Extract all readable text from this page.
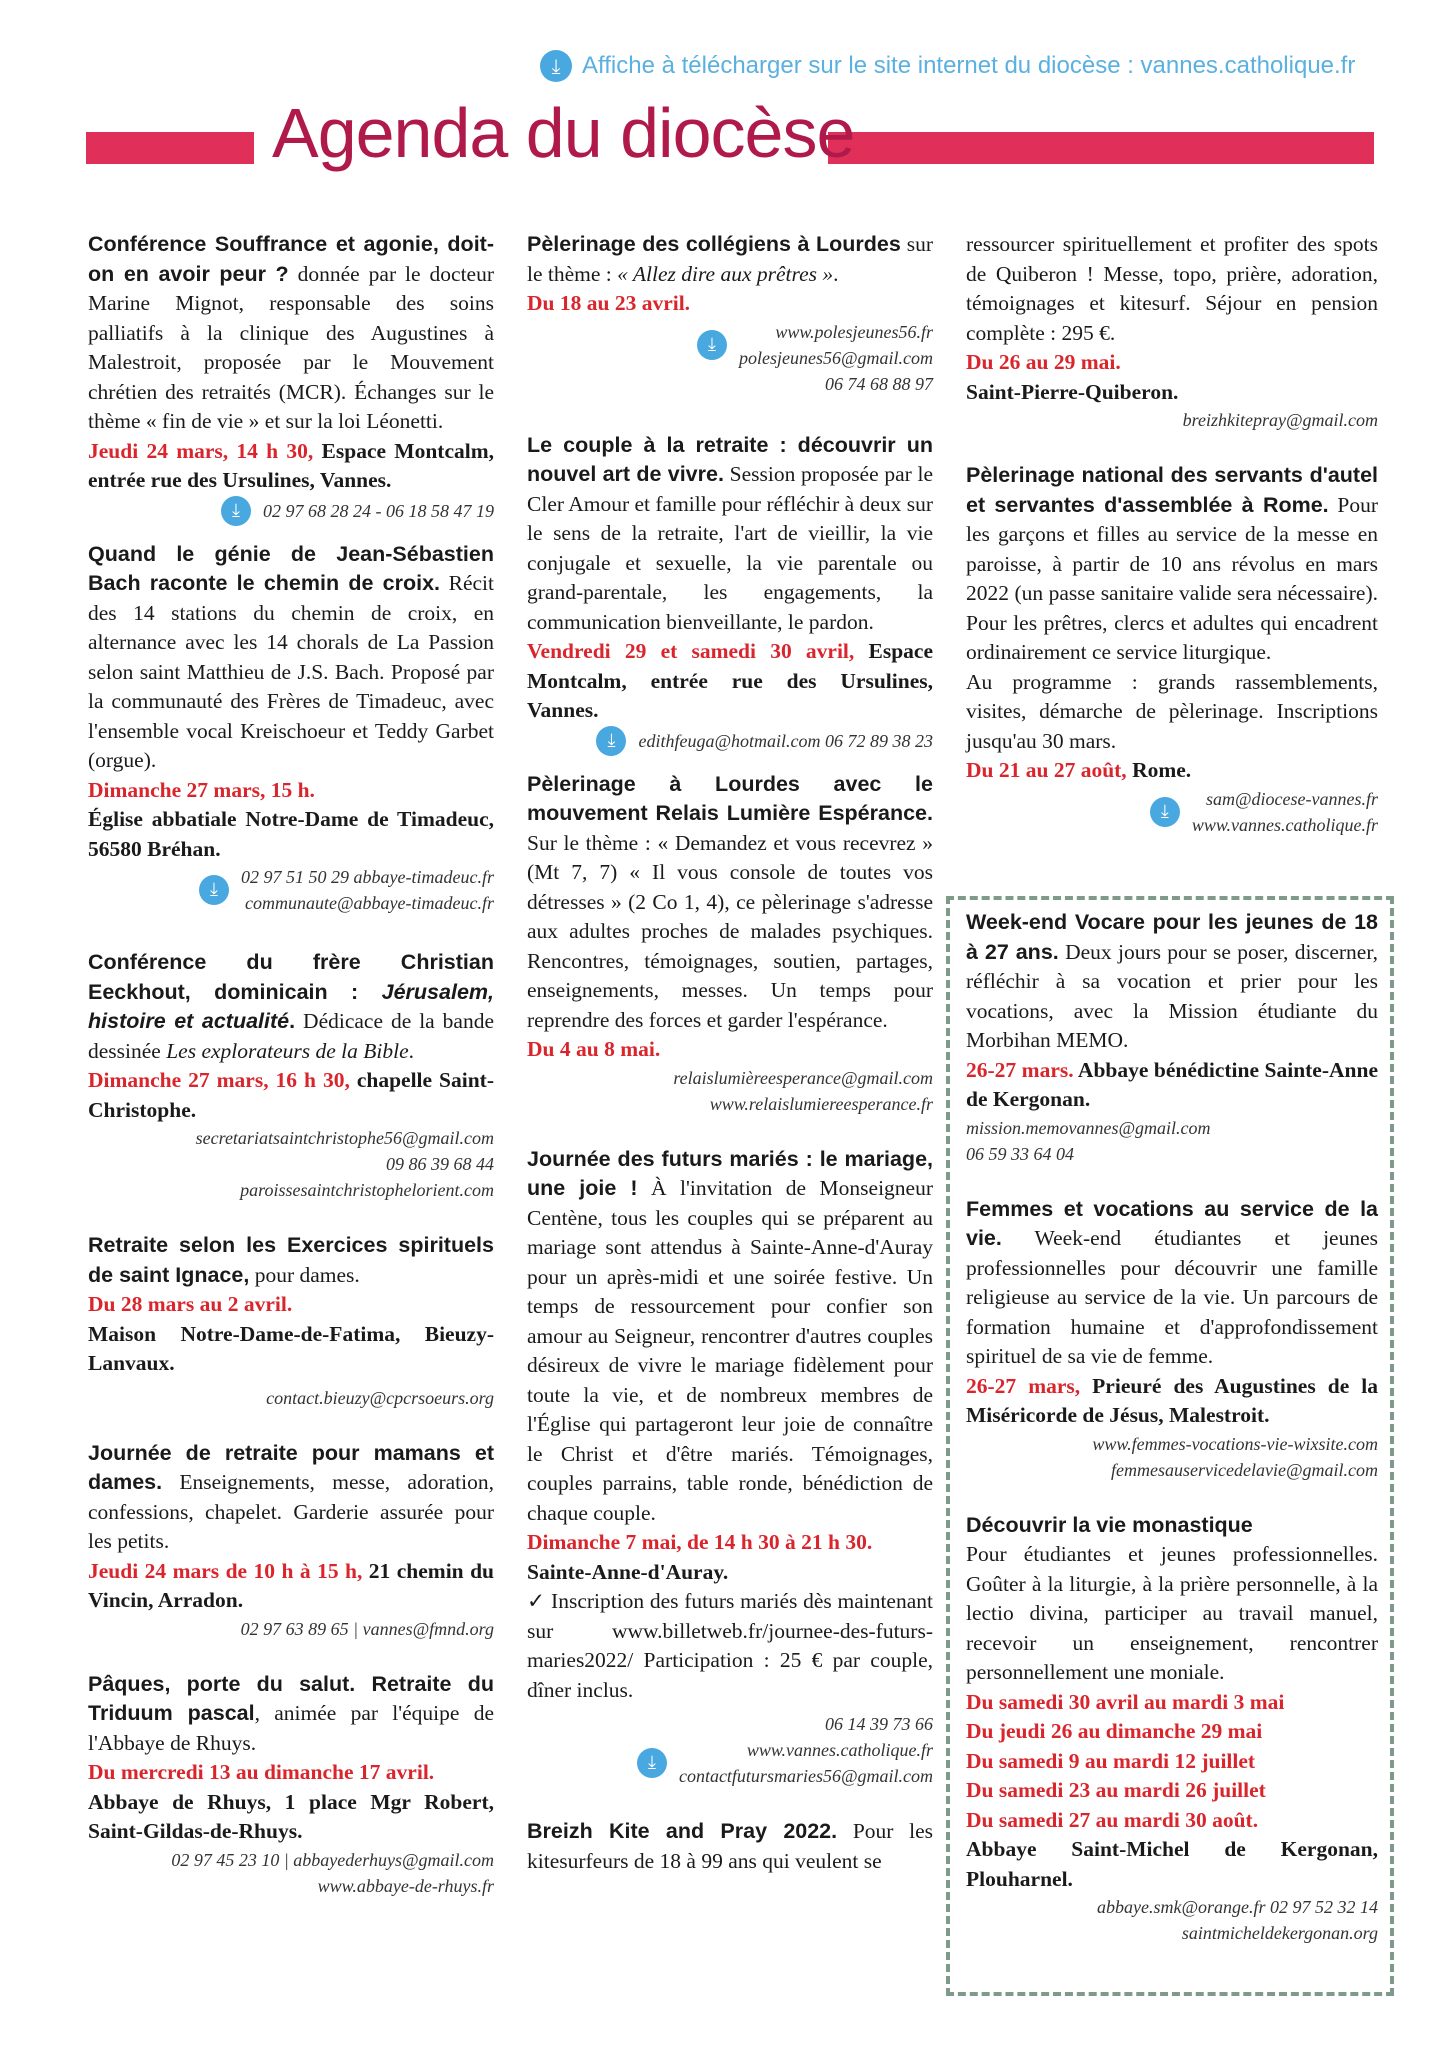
⤓ Affiche à télécharger sur le site internet du diocèse : vannes.catholique.fr
Agenda du diocèse
Conférence Souffrance et agonie, doit-on en avoir peur ? donnée par le docteur Marine Mignot, responsable des soins palliatifs à la clinique des Augustines à Malestroit, proposée par le Mouvement chrétien des retraités (MCR). Échanges sur le thème « fin de vie » et sur la loi Léonetti.
Jeudi 24 mars, 14 h 30, Espace Montcalm, entrée rue des Ursulines, Vannes.
⤓	02 97 68 28 24 - 06 18 58 47 19
Quand le génie de Jean-Sébastien Bach raconte le chemin de croix. Récit des 14 stations du chemin de croix, en alternance avec les 14 chorals de La Passion selon saint Matthieu de J.S. Bach. Proposé par la communauté des Frères de Timadeuc, avec l'ensemble vocal Kreischoeur et Teddy Garbet (orgue).
Dimanche 27 mars, 15 h.
Église abbatiale Notre-Dame de Timadeuc, 56580 Bréhan.
⤓
02 97 51 50 29 abbaye-timadeuc.fr
communaute@abbaye-timadeuc.fr
Conférence du frère Christian Eeckhout, dominicain : Jérusalem, histoire et actualité. Dédicace de la bande dessinée Les explorateurs de la Bible.
Dimanche 27 mars, 16 h 30, chapelle Saint-Christophe.
secretariatsaintchristophe56@gmail.com
09 86 39 68 44
paroissesaintchristophelorient.com
Retraite selon les Exercices spirituels de saint Ignace, pour dames.
Du 28 mars au 2 avril.
Maison Notre-Dame-de-Fatima, Bieuzy-Lanvaux.
contact.bieuzy@cpcrsoeurs.org
Journée de retraite pour mamans et dames. Enseignements, messe, adoration, confessions, chapelet. Garderie assurée pour les petits.
Jeudi 24 mars de 10 h à 15 h, 21 chemin du Vincin, Arradon.
02 97 63 89 65 | vannes@fmnd.org
Pâques, porte du salut. Retraite du Triduum pascal, animée par l'équipe de l'Abbaye de Rhuys.
Du mercredi 13 au dimanche 17 avril.
Abbaye de Rhuys, 1 place Mgr Robert, Saint-Gildas-de-Rhuys.
02 97 45 23 10 | abbayederhuys@gmail.com
www.abbaye-de-rhuys.fr
Pèlerinage des collégiens à Lourdes sur le thème : « Allez dire aux prêtres ».
Du 18 au 23 avril.
⤓
www.polesjeunes56.fr
polesjeunes56@gmail.com
06 74 68 88 97
Le couple à la retraite : découvrir un nouvel art de vivre. Session proposée par le Cler Amour et famille pour réfléchir à deux sur le sens de la retraite, l'art de vieillir, la vie conjugale et sexuelle, la vie parentale ou grand-parentale, les engagements, la communication bienveillante, le pardon.
Vendredi 29 et samedi 30 avril, Espace Montcalm, entrée rue des Ursulines, Vannes.
⤓	edithfeuga@hotmail.com 06 72 89 38 23
Pèlerinage à Lourdes avec le mouvement Relais Lumière Espérance. Sur le thème : « Demandez et vous recevrez » (Mt 7, 7) « Il vous console de toutes vos détresses » (2 Co 1, 4), ce pèlerinage s'adresse aux adultes proches de malades psychiques. Rencontres, témoignages, soutien, partages, enseignements, messes. Un temps pour reprendre des forces et garder l'espérance.
Du 4 au 8 mai.
relaislumièreesperance@gmail.com
www.relaislumiereesperance.fr
Journée des futurs mariés : le mariage, une joie ! À l'invitation de Monseigneur Centène, tous les couples qui se préparent au mariage sont attendus à Sainte-Anne-d'Auray pour un après-midi et une soirée festive. Un temps de ressourcement pour confier son amour au Seigneur, rencontrer d'autres couples désireux de vivre le mariage fidèlement pour toute la vie, et de nombreux membres de l'Église qui partageront leur joie de connaître le Christ et d'être mariés. Témoignages, couples parrains, table ronde, bénédiction de chaque couple.
Dimanche 7 mai, de 14 h 30 à 21 h 30.
Sainte-Anne-d'Auray.
✓ Inscription des futurs mariés dès maintenant sur www.billetweb.fr/journee-des-futurs-maries2022/ Participation : 25 € par couple, dîner inclus.
06 14 39 73 66
⤓
www.vannes.catholique.fr
contactfutursmaries56@gmail.com
Breizh Kite and Pray 2022. Pour les kitesurfeurs de 18 à 99 ans qui veulent se
ressourcer spirituellement et profiter des spots de Quiberon ! Messe, topo, prière, adoration, témoignages et kitesurf. Séjour en pension complète : 295 €.
Du 26 au 29 mai.
Saint-Pierre-Quiberon.
breizhkitepray@gmail.com
Pèlerinage national des servants d'autel et servantes d'assemblée à Rome. Pour les garçons et filles au service de la messe en paroisse, à partir de 10 ans révolus en mars 2022 (un passe sanitaire valide sera nécessaire). Pour les prêtres, clercs et adultes qui encadrent ordinairement ce service liturgique.
Au programme : grands rassemblements, visites, démarche de pèlerinage. Inscriptions jusqu'au 30 mars.
Du 21 au 27 août, Rome.
⤓
sam@diocese-vannes.fr
www.vannes.catholique.fr
Week-end Vocare pour les jeunes de 18 à 27 ans. Deux jours pour se poser, discerner, réfléchir à sa vocation et prier pour les vocations, avec la Mission étudiante du Morbihan MEMO.
26-27 mars. Abbaye bénédictine Sainte-Anne de Kergonan.
mission.memovannes@gmail.com
06 59 33 64 04
Femmes et vocations au service de la vie. Week-end étudiantes et jeunes professionnelles pour découvrir une famille religieuse au service de la vie. Un parcours de formation humaine et d'approfondissement spirituel de sa vie de femme.
26-27 mars, Prieuré des Augustines de la Miséricorde de Jésus, Malestroit.
www.femmes-vocations-vie-wixsite.com
femmesauservicedelavie@gmail.com
Découvrir la vie monastique
Pour étudiantes et jeunes professionnelles. Goûter à la liturgie, à la prière personnelle, à la lectio divina, participer au travail manuel, recevoir un enseignement, rencontrer personnellement une moniale.
Du samedi 30 avril au mardi 3 mai
Du jeudi 26 au dimanche 29 mai
Du samedi 9 au mardi 12 juillet
Du samedi 23 au mardi 26 juillet
Du samedi 27 au mardi 30 août.
Abbaye Saint-Michel de Kergonan, Plouharnel.
abbaye.smk@orange.fr 02 97 52 32 14
saintmicheldekergonan.org
